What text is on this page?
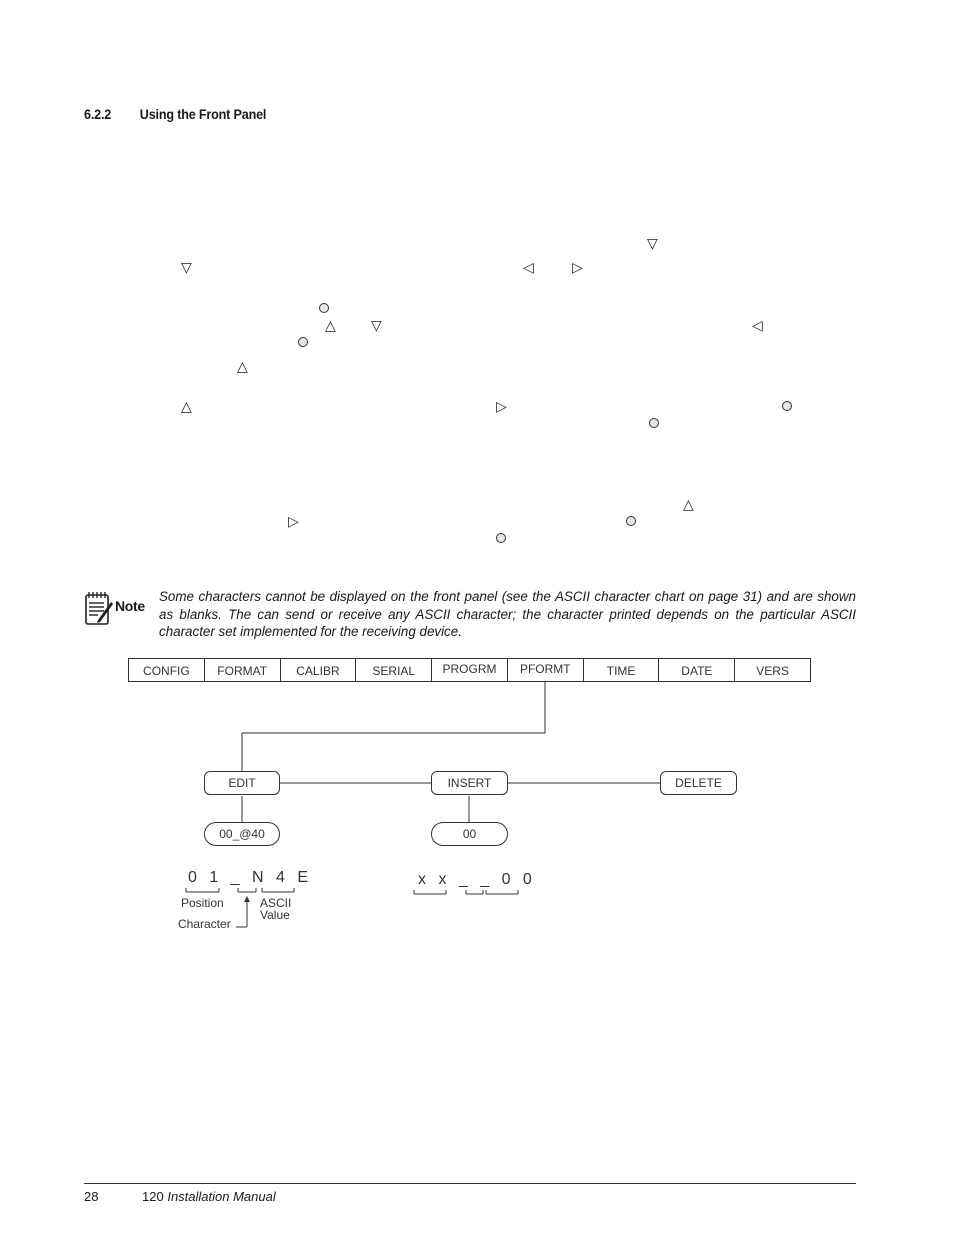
6.2.2 Using the Front Panel
▽
▽	◁	▷
△	▽	◁
△
△	▷
△
▷
Note
Some characters cannot be displayed on the front panel (see the ASCII character chart on page 31) and are shown as blanks. The can send or receive any ASCII character; the character printed depends on the particular ASCII character set implemented for the receiving device.
CONFIG	FORMAT	CALIBR	SERIAL	PROGRM	PFORMT	TIME	DATE	VERS
EDIT	INSERT	DELETE
00_@40	00
0 1 _ N 4 E	x x _ _ 0 0
Position	ASCII
Value
Character
28	120 Installation Manual
